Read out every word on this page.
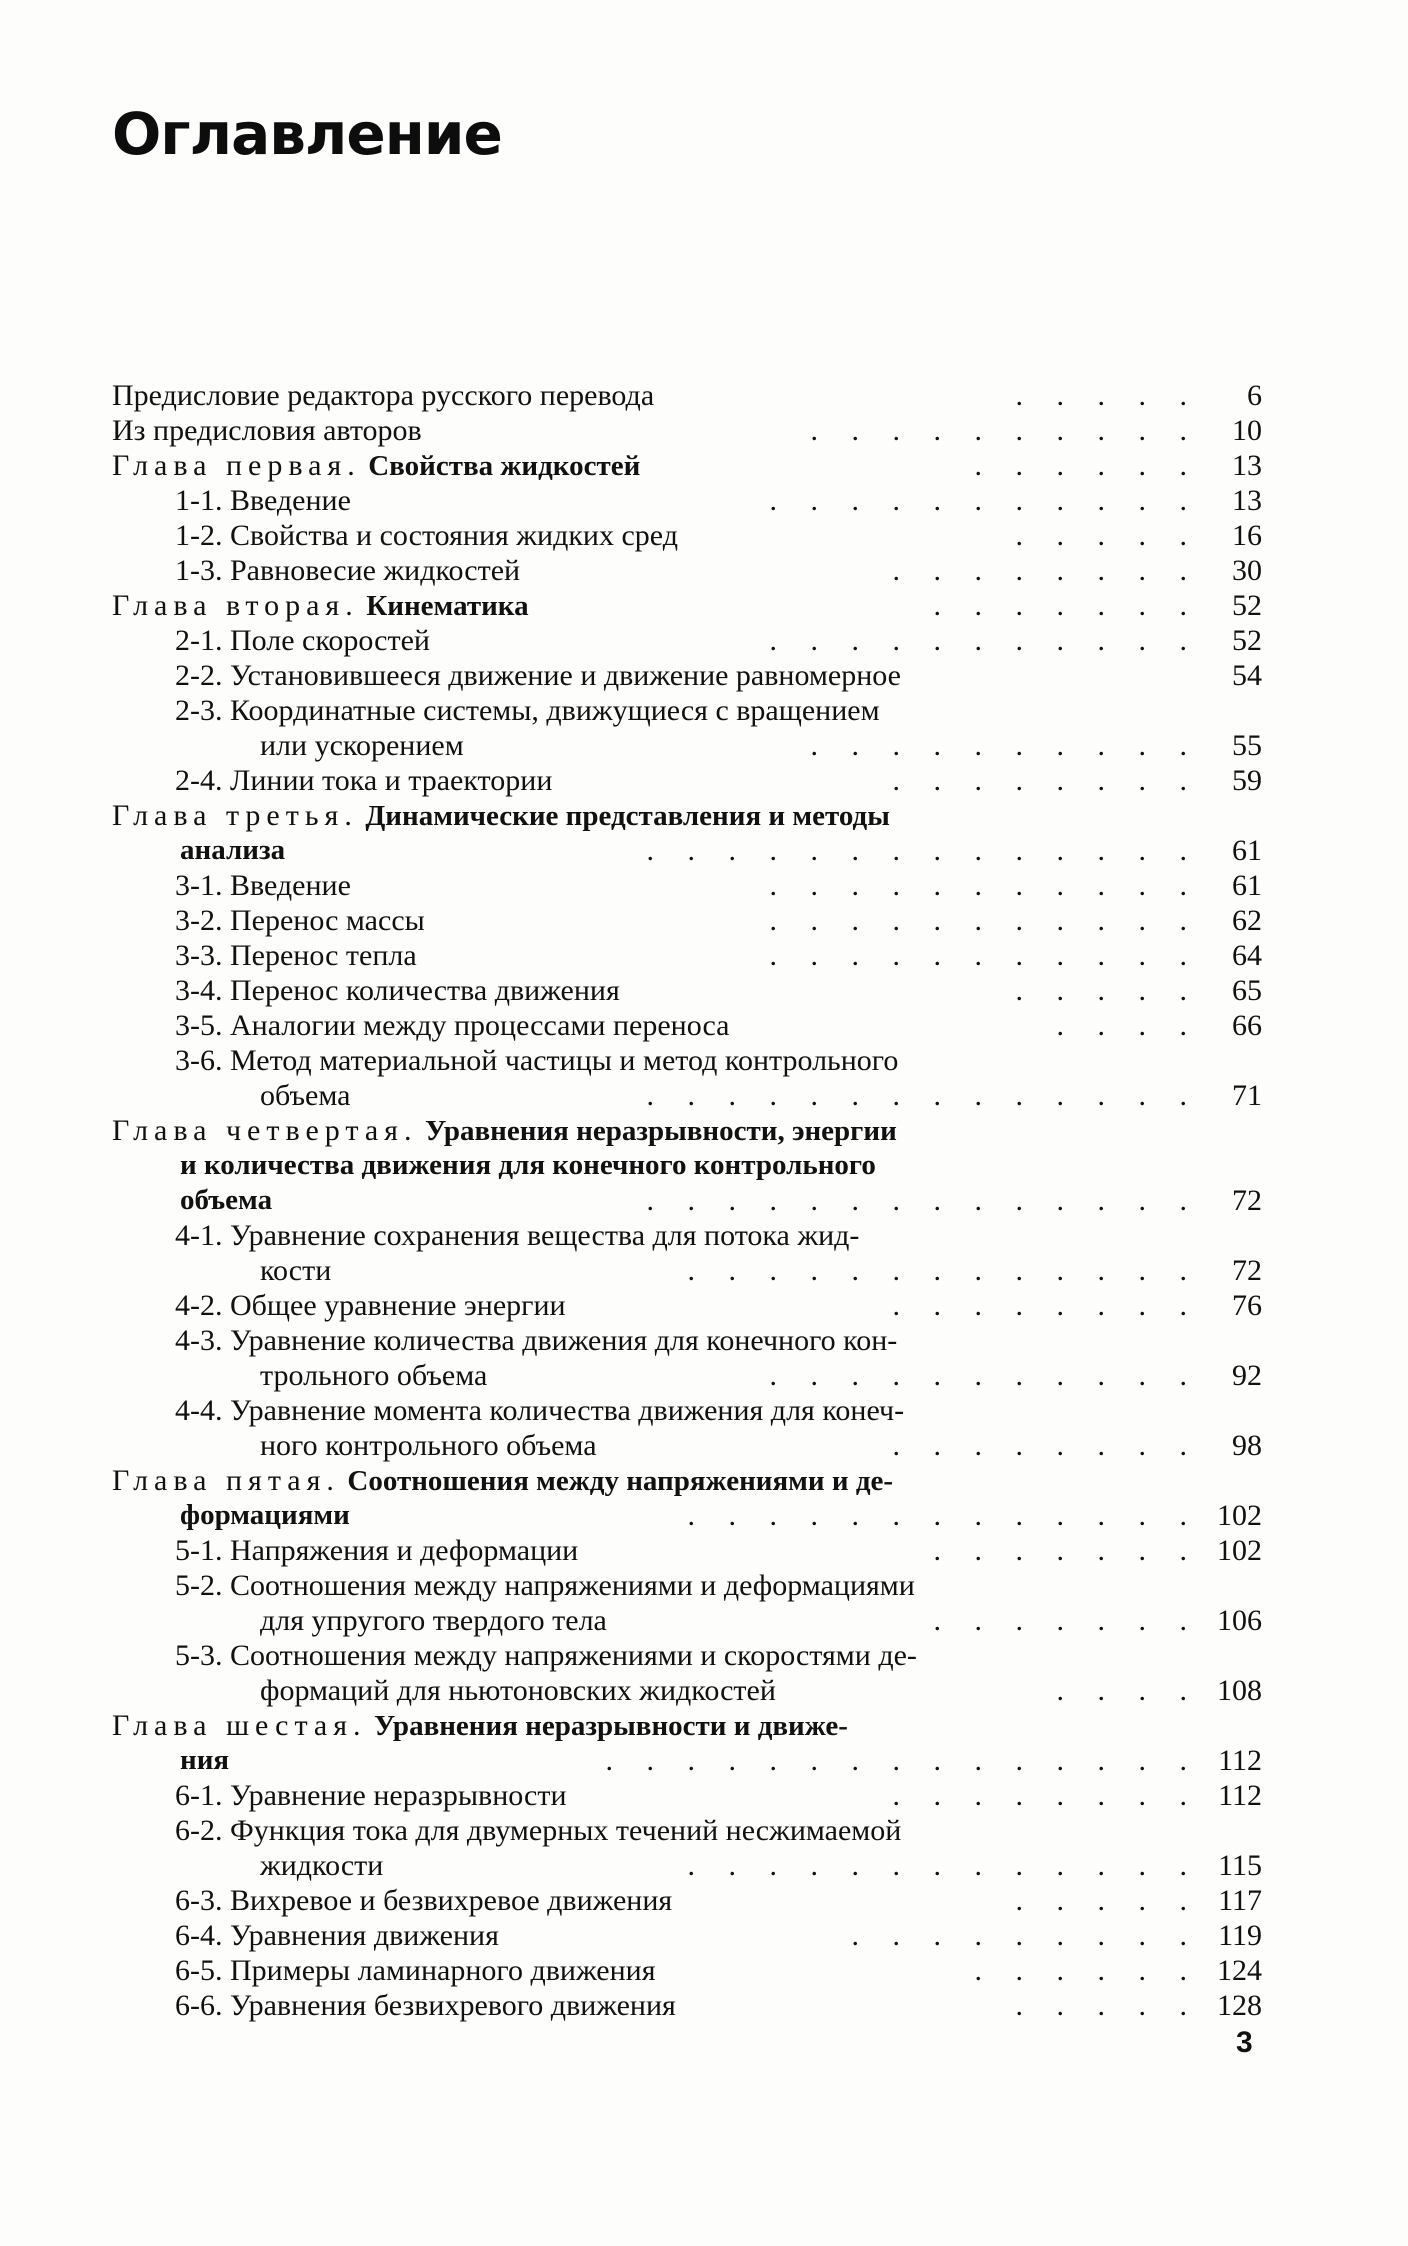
Оглавление
Предисловие редактора русского перевода	. . . . .	6
Из предисловия авторов	. . . . . . . . . .	10
Глава первая. Свойства жидкостей	. . . . . .	13
1-1. Введение	. . . . . . . . . . .	13
1-2. Свойства и состояния жидких сред	. . . . .	16
1-3. Равновесие жидкостей	. . . . . . . .	30
Глава вторая. Кинематика	. . . . . . .	52
2-1. Поле скоростей	. . . . . . . . . . .	52
2-2. Установившееся движение и движение равномерное	54
2-3. Координатные системы, движущиеся с вращением
или ускорением	. . . . . . . . . .	55
2-4. Линии тока и траектории	. . . . . . . .	59
Глава третья. Динамические представления и методы
анализа	. . . . . . . . . . . . . .	61
3-1. Введение	. . . . . . . . . . .	61
3-2. Перенос массы	. . . . . . . . . . .	62
3-3. Перенос тепла	. . . . . . . . . . .	64
3-4. Перенос количества движения	. . . . .	65
3-5. Аналогии между процессами переноса	. . . .	66
3-6. Метод материальной частицы и метод контрольного
объема	. . . . . . . . . . . . . .	71
Глава четвертая. Уравнения неразрывности, энергии
и количества движения для конечного контрольного
объема	. . . . . . . . . . . . . .	72
4-1. Уравнение сохранения вещества для потока жид-
кости	. . . . . . . . . . . . .	72
4-2. Общее уравнение энергии	. . . . . . . .	76
4-3. Уравнение количества движения для конечного кон-
трольного объема	. . . . . . . . . . .	92
4-4. Уравнение момента количества движения для конеч-
ного контрольного объема	. . . . . . . .	98
Глава пятая. Соотношения между напряжениями и де-
формациями	. . . . . . . . . . . . . 102
5-1. Напряжения и деформации	. . . . . . . 102
5-2. Соотношения между напряжениями и деформациями
для упругого твердого тела	. . . . . . . 106
5-3. Соотношения между напряжениями и скоростями де-
формаций для ньютоновских жидкостей	. . . . 108
Глава шестая. Уравнения неразрывности и движе-
ния	. . . . . . . . . . . . . . . 112
6-1. Уравнение неразрывности	. . . . . . . . 112
6-2. Функция тока для двумерных течений несжимаемой
жидкости	. . . . . . . . . . . . . 115
6-3. Вихревое и безвихревое движения	. . . . . 117
6-4. Уравнения движения	. . . . . . . . . 119
6-5. Примеры ламинарного движения	. . . . . . 124
6-6. Уравнения безвихревого движения	. . . . . 128
3
